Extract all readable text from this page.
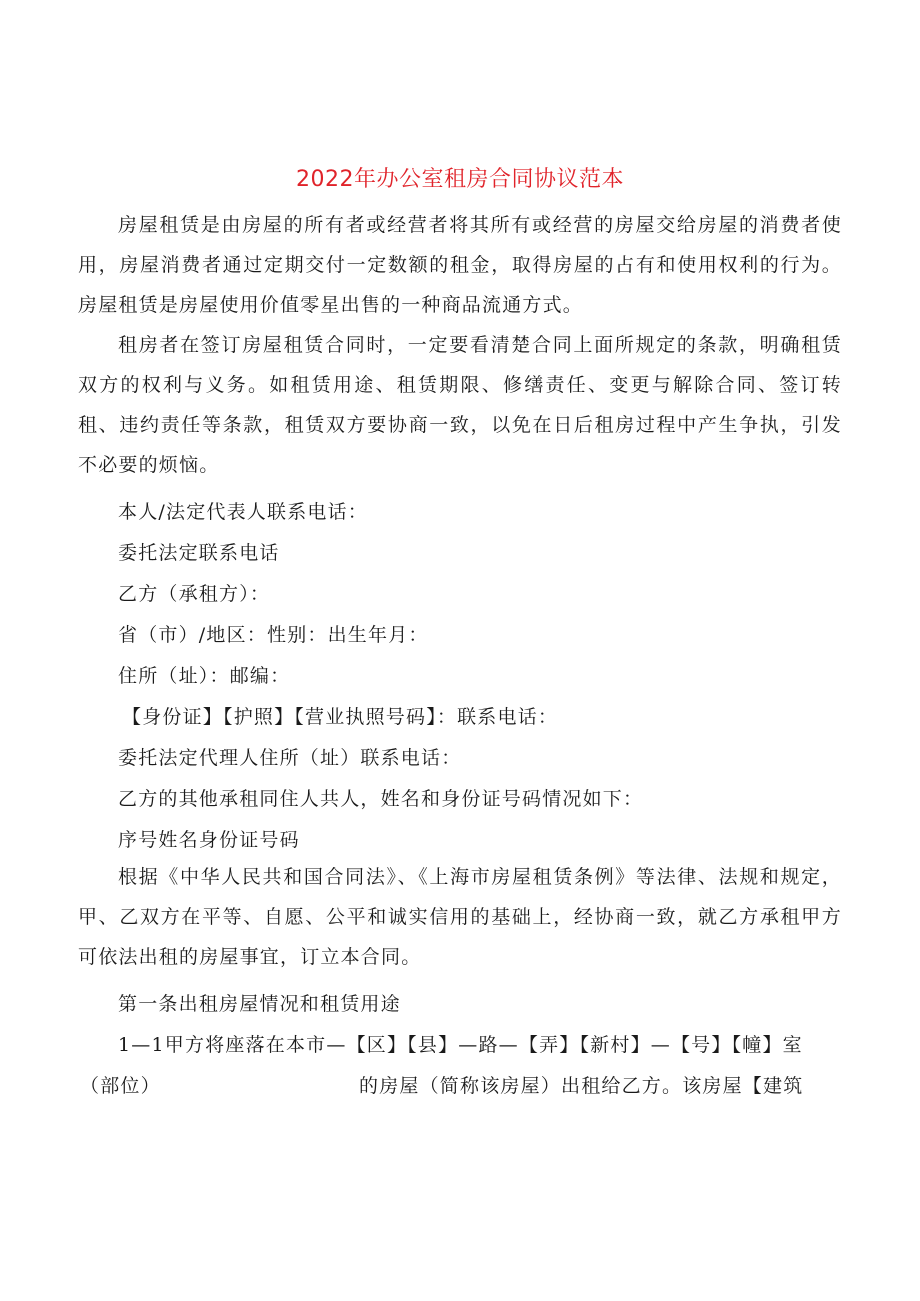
2022年办公室租房合同协议范本

房屋租赁是由房屋的所有者或经营者将其所有或经营的房屋交给房屋的消费者使用，房屋消费者通过定期交付一定数额的租金，取得房屋的占有和使用权利的行为。房屋租赁是房屋使用价值零星出售的一种商品流通方式。

租房者在签订房屋租赁合同时，一定要看清楚合同上面所规定的条款，明确租赁双方的权利与义务。如租赁用途、租赁期限、修缮责任、变更与解除合同、签订转租、违约责任等条款，租赁双方要协商一致，以免在日后租房过程中产生争执，引发不必要的烦恼。

本人/法定代表人联系电话：

委托法定联系电话

乙方（承租方）：

省（市）/地区：性别：出生年月：

住所（址）：邮编：

【身份证】【护照】【营业执照号码】：联系电话：

委托法定代理人住所（址）联系电话：

乙方的其他承租同住人共人，姓名和身份证号码情况如下：

序号姓名身份证号码

根据《中华人民共和国合同法》、《上海市房屋租赁条例》等法律、法规和规定，甲、乙双方在平等、自愿、公平和诚实信用的基础上，经协商一致，就乙方承租甲方可依法出租的房屋事宜，订立本合同。

第一条出租房屋情况和租赁用途

1—1甲方将座落在本市—【区】【县】—路—【弄】【新村】—【号】【幢】室

（部位）	的房屋（简称该房屋）出租给乙方。该房屋【建筑
